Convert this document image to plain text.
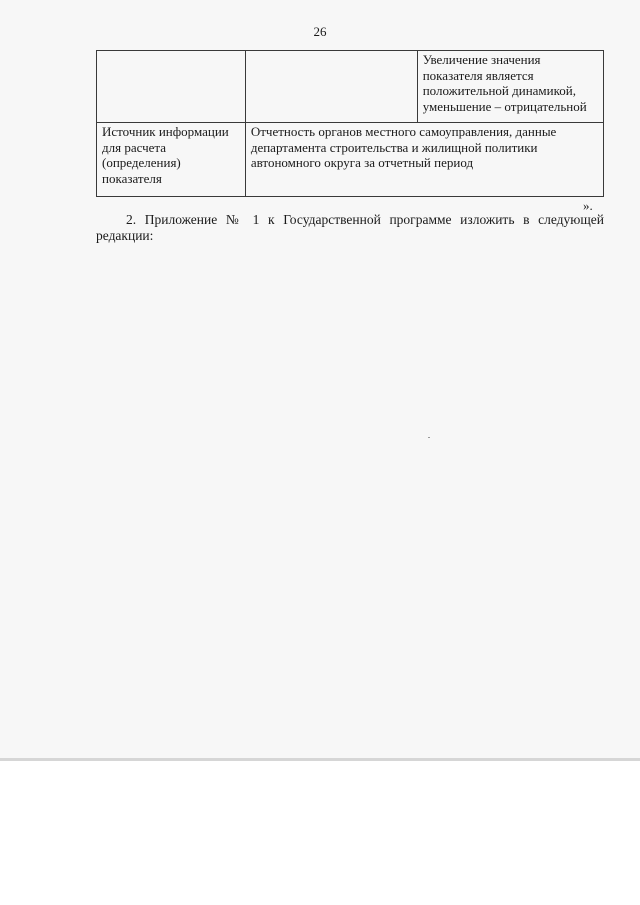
26

		Увеличение значения показателя является положительной динамикой, уменьшение – отрицательной

Источник информации для расчета (определения) показателя	Отчетность органов местного самоуправления, данные департамента строительства и жилищной политики автономного округа за отчетный период	
».
2. Приложение № 1 к Государственной программе изложить в следующей редакции:
